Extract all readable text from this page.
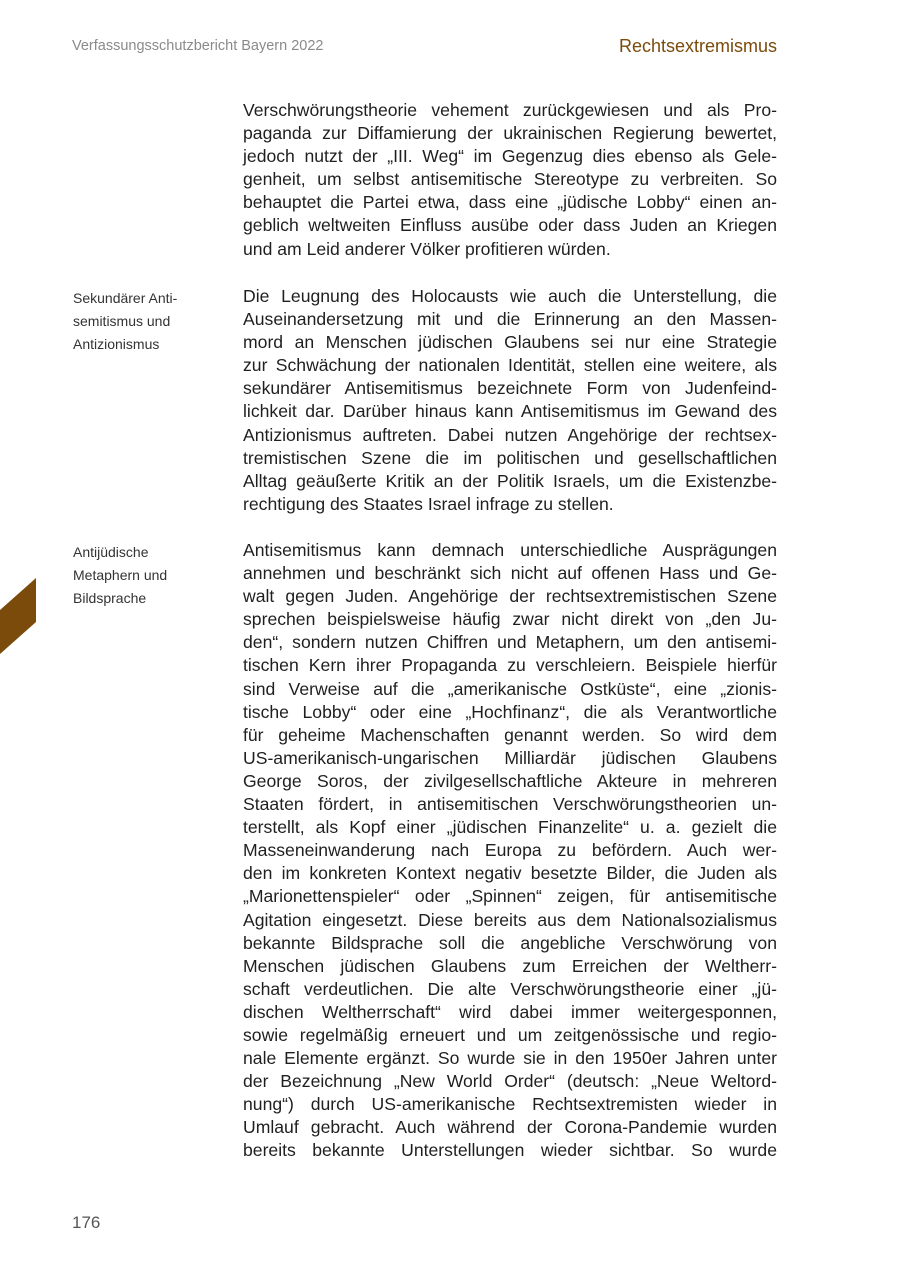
Verfassungsschutzbericht Bayern 2022	Rechtsextremismus
Verschwörungstheorie vehement zurückgewiesen und als Pro-
paganda zur Diffamierung der ukrainischen Regierung bewertet,
jedoch nutzt der „III. Weg“ im Gegenzug dies ebenso als Gele-
genheit, um selbst antisemitische Stereotype zu verbreiten. So
behauptet die Partei etwa, dass eine „jüdische Lobby“ einen an-
geblich weltweiten Einfluss ausübe oder dass Juden an Kriegen
und am Leid anderer Völker profitieren würden.
Sekundärer Anti-
semitismus und
Antizionismus
Die Leugnung des Holocausts wie auch die Unterstellung, die
Auseinandersetzung mit und die Erinnerung an den Massen-
mord an Menschen jüdischen Glaubens sei nur eine Strategie
zur Schwächung der nationalen Identität, stellen eine weitere, als
sekundärer Antisemitismus bezeichnete Form von Judenfeind-
lichkeit dar. Darüber hinaus kann Antisemitismus im Gewand des
Antizionismus auftreten. Dabei nutzen Angehörige der rechtsex-
tremistischen Szene die im politischen und gesellschaftlichen
Alltag geäußerte Kritik an der Politik Israels, um die Existenzbe-
rechtigung des Staates Israel infrage zu stellen.
Antijüdische
Metaphern und
Bildsprache
Antisemitismus kann demnach unterschiedliche Ausprägungen
annehmen und beschränkt sich nicht auf offenen Hass und Ge-
walt gegen Juden. Angehörige der rechtsextremistischen Szene
sprechen beispielsweise häufig zwar nicht direkt von „den Ju-
den“, sondern nutzen Chiffren und Metaphern, um den antisemi-
tischen Kern ihrer Propaganda zu verschleiern. Beispiele hierfür
sind Verweise auf die „amerikanische Ostküste“, eine „zionis-
tische Lobby“ oder eine „Hochfinanz“, die als Verantwortliche
für geheime Machenschaften genannt werden. So wird dem
US-amerikanisch-ungarischen Milliardär jüdischen Glaubens
George Soros, der zivilgesellschaftliche Akteure in mehreren
Staaten fördert, in antisemitischen Verschwörungstheorien un-
terstellt, als Kopf einer „jüdischen Finanzelite“ u. a. gezielt die
Masseneinwanderung nach Europa zu befördern. Auch wer-
den im konkreten Kontext negativ besetzte Bilder, die Juden als
„Marionettenspieler“ oder „Spinnen“ zeigen, für antisemitische
Agitation eingesetzt. Diese bereits aus dem Nationalsozialismus
bekannte Bildsprache soll die angebliche Verschwörung von
Menschen jüdischen Glaubens zum Erreichen der Weltherr-
schaft verdeutlichen. Die alte Verschwörungstheorie einer „jü-
dischen Weltherrschaft“ wird dabei immer weitergesponnen,
sowie regelmäßig erneuert und um zeitgenössische und regio-
nale Elemente ergänzt. So wurde sie in den 1950er Jahren unter
der Bezeichnung „New World Order“ (deutsch: „Neue Weltord-
nung“) durch US-amerikanische Rechtsextremisten wieder in
Umlauf gebracht. Auch während der Corona-Pandemie wurden
bereits bekannte Unterstellungen wieder sichtbar. So wurde
176
